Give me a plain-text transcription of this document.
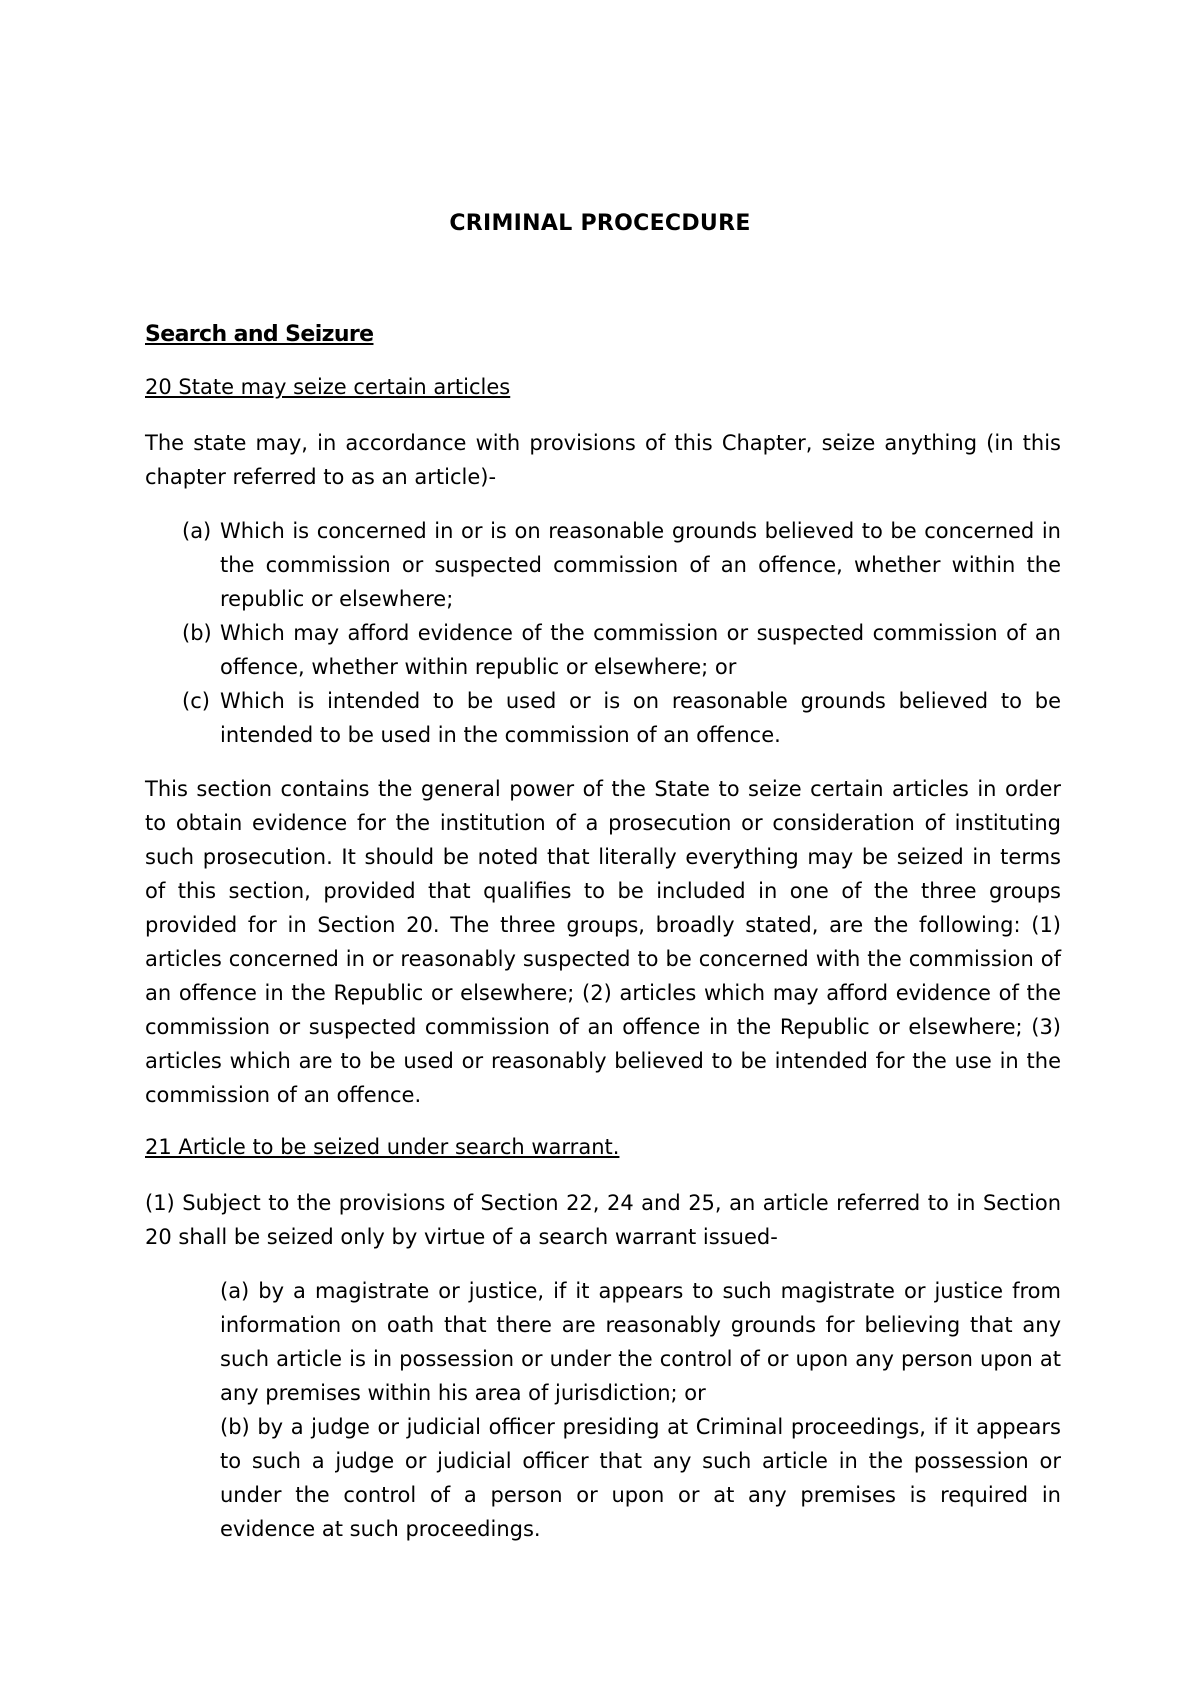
CRIMINAL PROCECDURE
Search and Seizure
20 State may seize certain articles
The state may, in accordance with provisions of this Chapter, seize anything (in this chapter referred to as an article)-
(a) Which is concerned in or is on reasonable grounds believed to be concerned in the commission or suspected commission of an offence, whether within the republic or elsewhere;
(b) Which may afford evidence of the commission or suspected commission of an offence, whether within republic or elsewhere; or
(c) Which is intended to be used or is on reasonable grounds believed to be intended to be used in the commission of an offence.
This section contains the general power of the State to seize certain articles in order to obtain evidence for the institution of a prosecution or consideration of instituting such prosecution. It should be noted that literally everything may be seized in terms of this section, provided that qualifies to be included in one of the three groups provided for in Section 20. The three groups, broadly stated, are the following: (1) articles concerned in or reasonably suspected to be concerned with the commission of an offence in the Republic or elsewhere; (2) articles which may afford evidence of the commission or suspected commission of an offence in the Republic or elsewhere; (3) articles which are to be used or reasonably believed to be intended for the use in the commission of an offence.
21 Article to be seized under search warrant.
(1) Subject to the provisions of Section 22, 24 and 25, an article referred to in Section 20 shall be seized only by virtue of a search warrant issued-
(a) by a magistrate or justice, if it appears to such magistrate or justice from information on oath that there are reasonably grounds for believing that any such article is in possession or under the control of or upon any person upon at any premises within his area of jurisdiction; or
(b) by a judge or judicial officer presiding at Criminal proceedings, if it appears to such a judge or judicial officer that any such article in the possession or under the control of a person or upon or at any premises is required in evidence at such proceedings.
